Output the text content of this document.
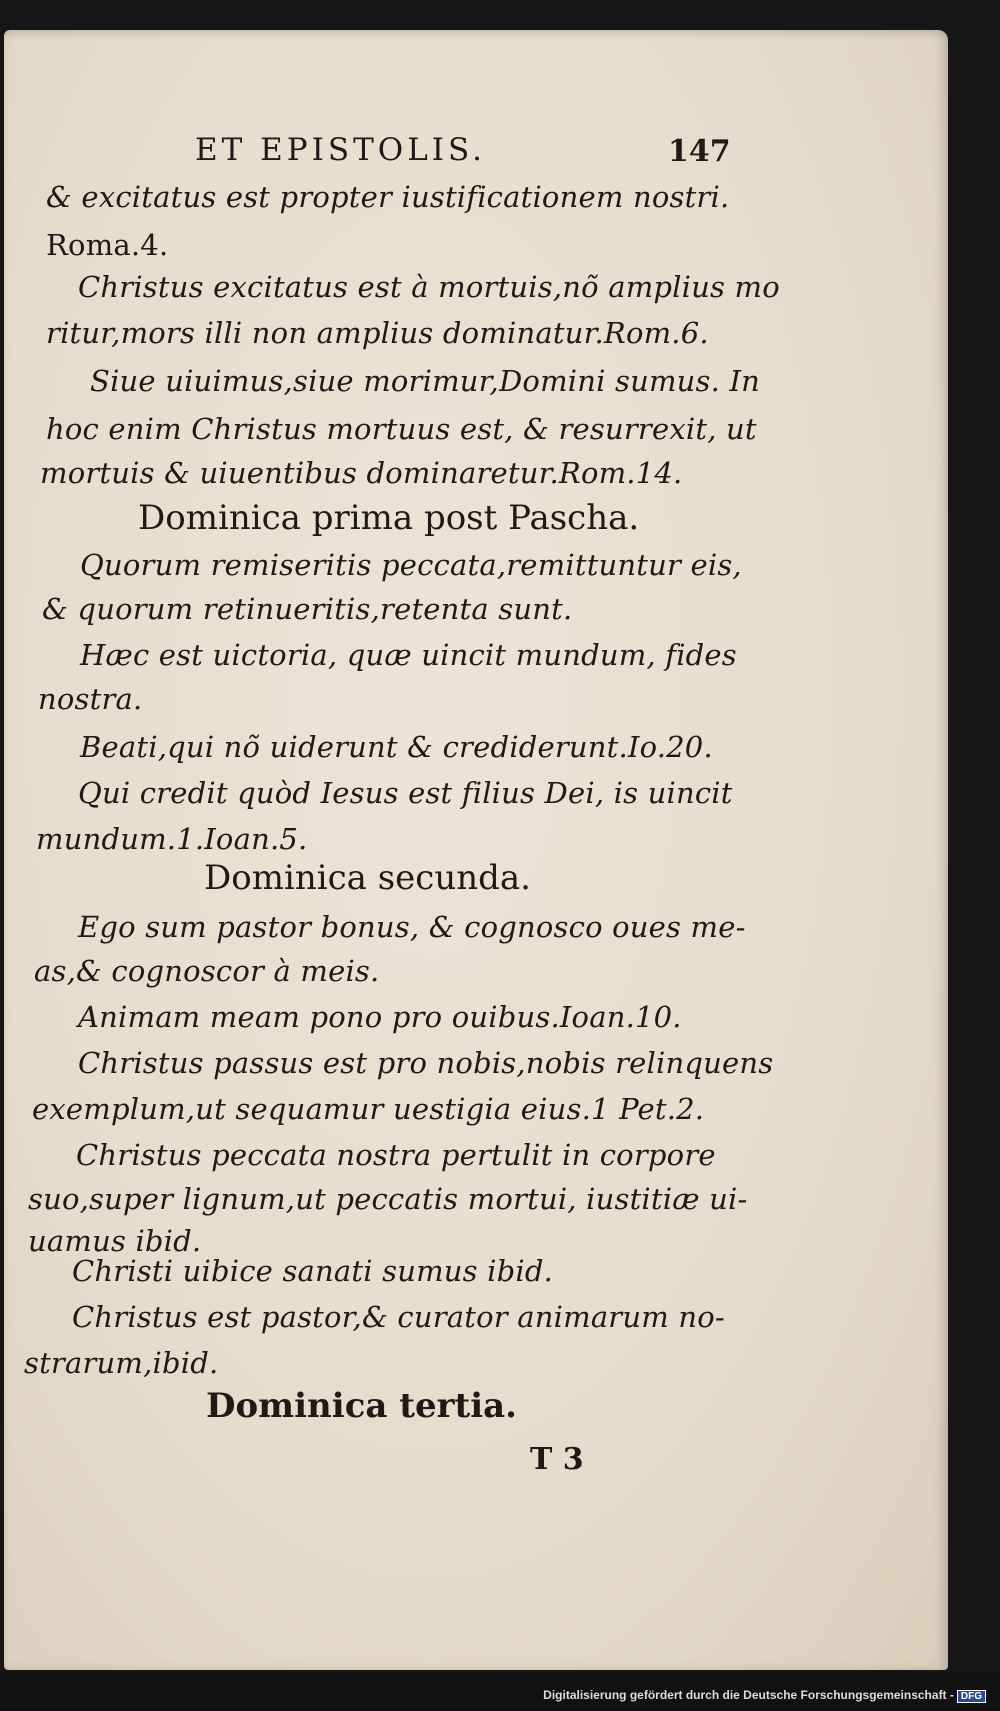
ET EPISTOLIS.	147
& excitatus est propter iustificationem nostri.
Roma.4.
Christus excitatus est à mortuis,nõ amplius mo
ritur,mors illi non amplius dominatur.Rom.6.
Siue uiuimus,siue morimur,Domini sumus. In
hoc enim Christus mortuus est, & resurrexit, ut
mortuis & uiuentibus dominaretur.Rom.14.
Dominica prima post Pascha.
Quorum remiseritis peccata,remittuntur eis,
& quorum retinueritis,retenta sunt.
Hæc est uictoria, quæ uincit mundum, fides
nostra.
Beati,qui nõ uiderunt & crediderunt.Io.20.
Qui credit quòd Iesus est filius Dei, is uincit
mundum.1.Ioan.5.
Dominica secunda.
Ego sum pastor bonus, & cognosco oues me-
as,& cognoscor à meis.
Animam meam pono pro ouibus.Ioan.10.
Christus passus est pro nobis,nobis relinquens
exemplum,ut sequamur uestigia eius.1 Pet.2.
Christus peccata nostra pertulit in corpore
suo,super lignum,ut peccatis mortui, iustitiæ ui-
uamus ibid.
Christi uibice sanati sumus ibid.
Christus est pastor,& curator animarum no-
strarum,ibid.
Dominica tertia.
T 3
Digitalisierung gefördert durch die Deutsche Forschungsgemeinschaft - DFG
